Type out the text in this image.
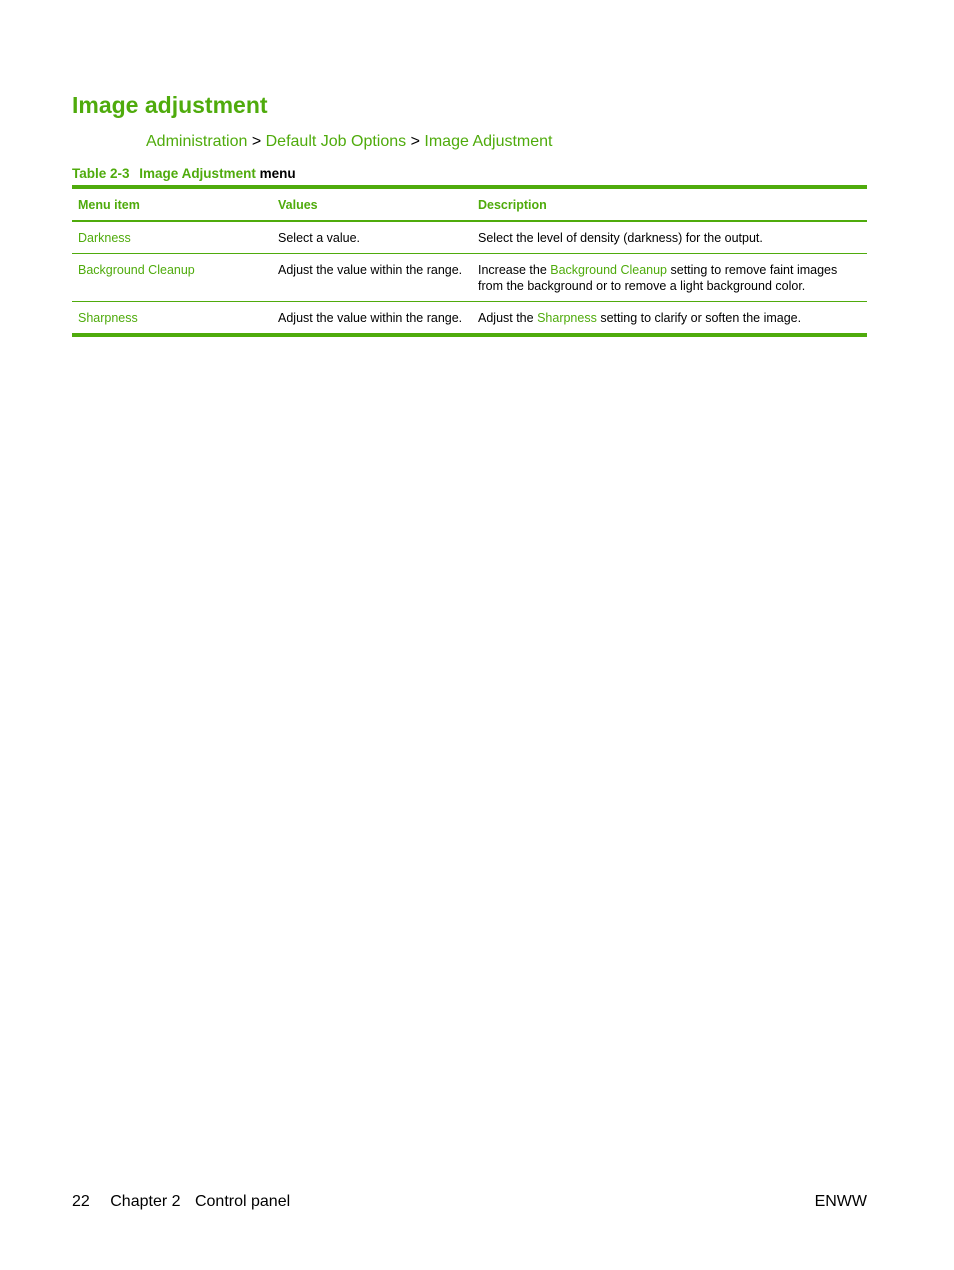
Image adjustment
Administration > Default Job Options > Image Adjustment
Table 2-3 Image Adjustment menu
Menu item	Values	Description
Darkness	Select a value.	Select the level of density (darkness) for the output.
Background Cleanup	Adjust the value within the range.	Increase the Background Cleanup setting to remove faint images from the background or to remove a light background color.
Sharpness	Adjust the value within the range.	Adjust the Sharpness setting to clarify or soften the image.
22 Chapter 2 Control panel	ENWW
